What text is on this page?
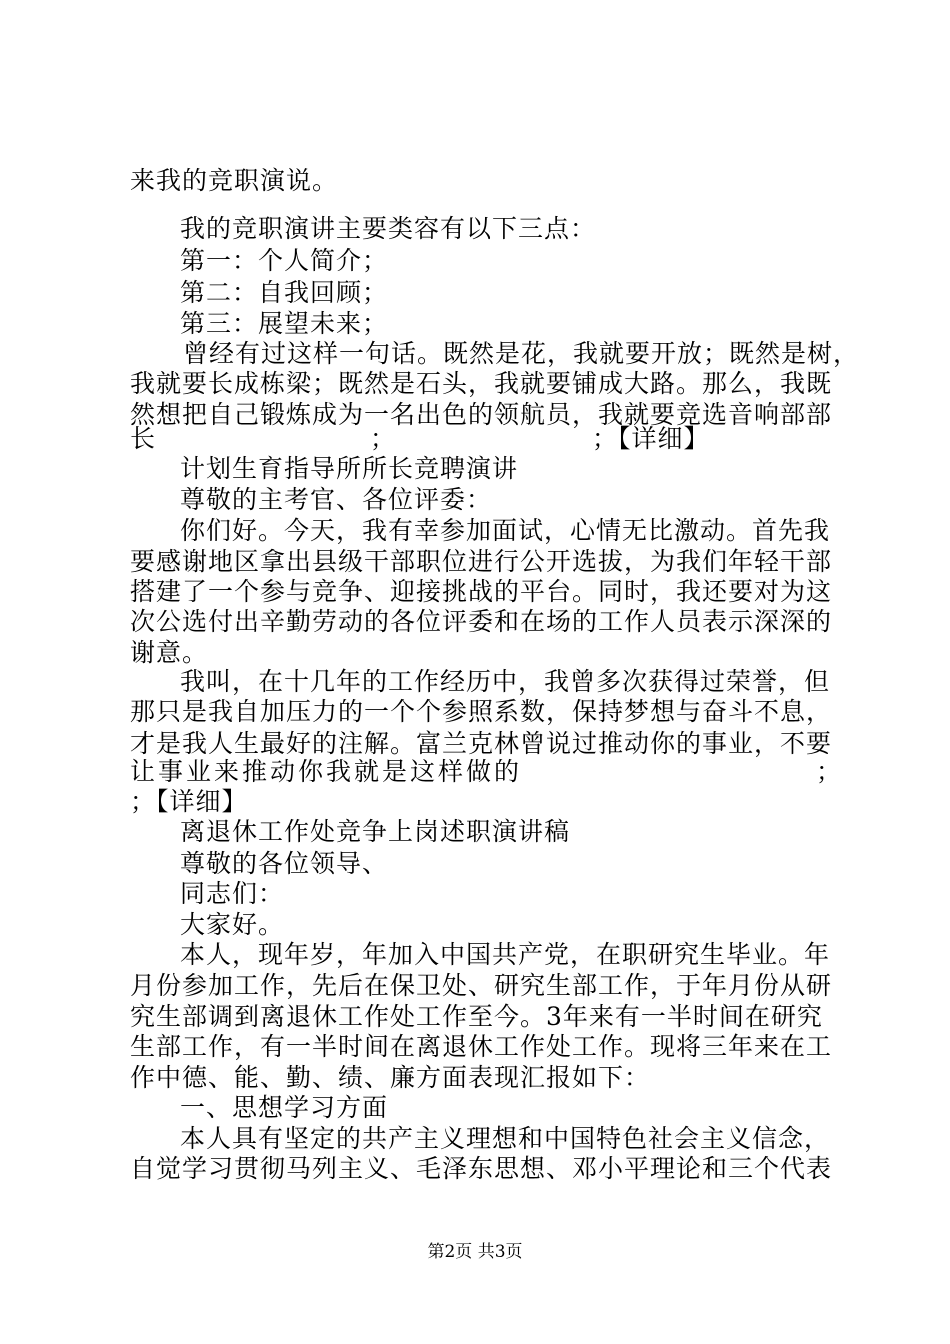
来我的竞职演说。
我的竞职演讲主要类容有以下三点：
第一：个人简介；
第二：自我回顾；
第三：展望未来；
曾经有过这样一句话。既然是花，我就要开放；既然是树，
我就要长成栋梁；既然是石头，我就要铺成大路。那么，我既
然想把自己锻炼成为一名出色的领航员，我就要竞选音响部部
长	；	；【详细】
计划生育指导所所长竞聘演讲
尊敬的主考官、各位评委：
你们好。今天，我有幸参加面试，心情无比激动。首先我
要感谢地区拿出县级干部职位进行公开选拔，为我们年轻干部
搭建了一个参与竞争、迎接挑战的平台。同时，我还要对为这
次公选付出辛勤劳动的各位评委和在场的工作人员表示深深的
谢意。
我叫，在十几年的工作经历中，我曾多次获得过荣誉，但
那只是我自加压力的一个个参照系数，保持梦想与奋斗不息，
才是我人生最好的注解。富兰克林曾说过推动你的事业，不要
让事业来推动你我就是这样做的	；
；【详细】
离退休工作处竞争上岗述职演讲稿
尊敬的各位领导、
同志们：
大家好。
本人，现年岁，年加入中国共产党，在职研究生毕业。年
月份参加工作，先后在保卫处、研究生部工作，于年月份从研
究生部调到离退休工作处工作至今。3年来有一半时间在研究
生部工作，有一半时间在离退休工作处工作。现将三年来在工
作中德、能、勤、绩、廉方面表现汇报如下：
一、思想学习方面
本人具有坚定的共产主义理想和中国特色社会主义信念，
自觉学习贯彻马列主义、毛泽东思想、邓小平理论和三个代表
第2页 共3页
